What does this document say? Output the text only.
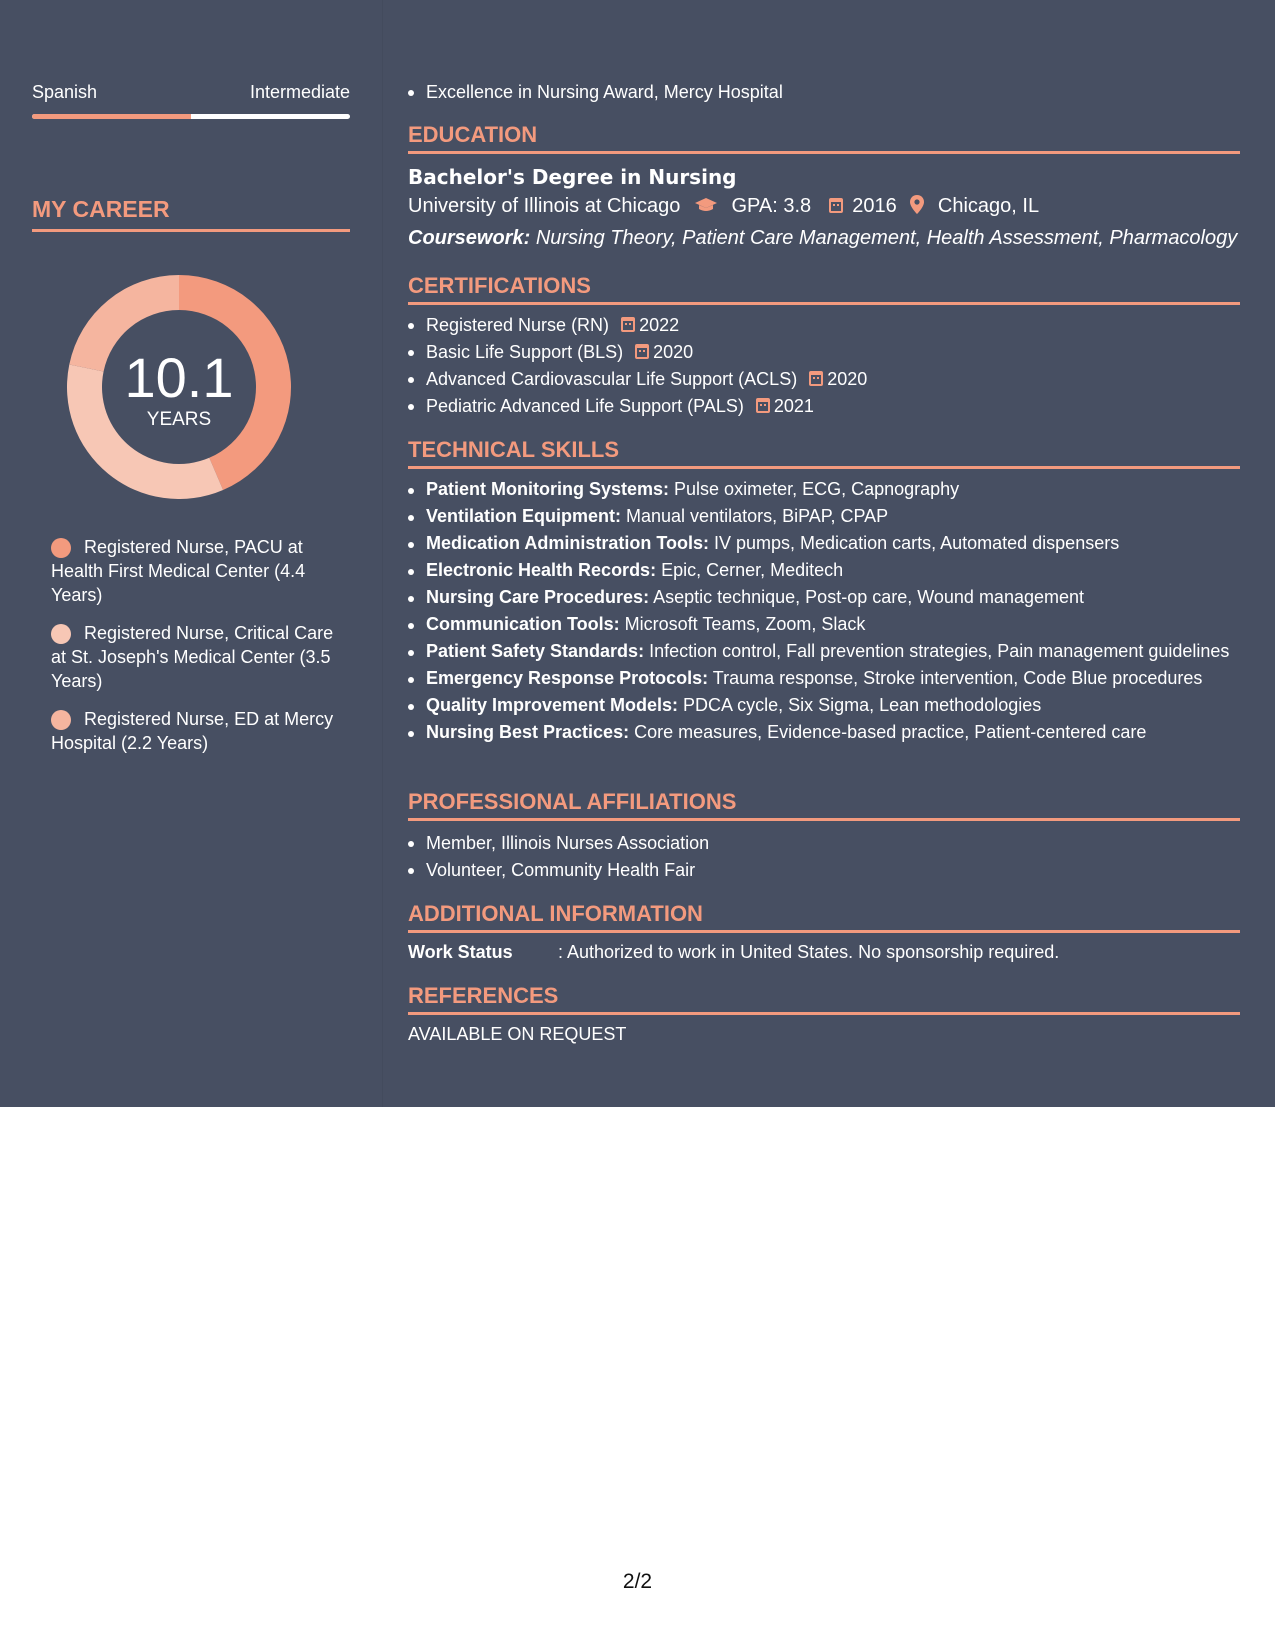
Spanish	Intermediate
MY CAREER
10.1
YEARS
Registered Nurse, PACU at Health First Medical Center (4.4 Years)
Registered Nurse, Critical Care at St. Joseph's Medical Center (3.5 Years)
Registered Nurse, ED at Mercy Hospital (2.2 Years)
Excellence in Nursing Award, Mercy Hospital
EDUCATION
Bachelor's Degree in Nursing
University of Illinois at Chicago	GPA: 3.8 2016 Chicago, IL
Coursework: Nursing Theory, Patient Care Management, Health Assessment, Pharmacology
CERTIFICATIONS
Registered Nurse (RN) 2022
Basic Life Support (BLS) 2020
Advanced Cardiovascular Life Support (ACLS) 2020
Pediatric Advanced Life Support (PALS) 2021
TECHNICAL SKILLS
Patient Monitoring Systems: Pulse oximeter, ECG, Capnography
Ventilation Equipment: Manual ventilators, BiPAP, CPAP
Medication Administration Tools: IV pumps, Medication carts, Automated dispensers
Electronic Health Records: Epic, Cerner, Meditech
Nursing Care Procedures: Aseptic technique, Post-op care, Wound management
Communication Tools: Microsoft Teams, Zoom, Slack
Patient Safety Standards: Infection control, Fall prevention strategies, Pain management guidelines
Emergency Response Protocols: Trauma response, Stroke intervention, Code Blue procedures
Quality Improvement Models: PDCA cycle, Six Sigma, Lean methodologies
Nursing Best Practices: Core measures, Evidence-based practice, Patient-centered care
PROFESSIONAL AFFILIATIONS
Member, Illinois Nurses Association
Volunteer, Community Health Fair
ADDITIONAL INFORMATION
Work Status	: Authorized to work in United States. No sponsorship required.
REFERENCES
AVAILABLE ON REQUEST
2/2
